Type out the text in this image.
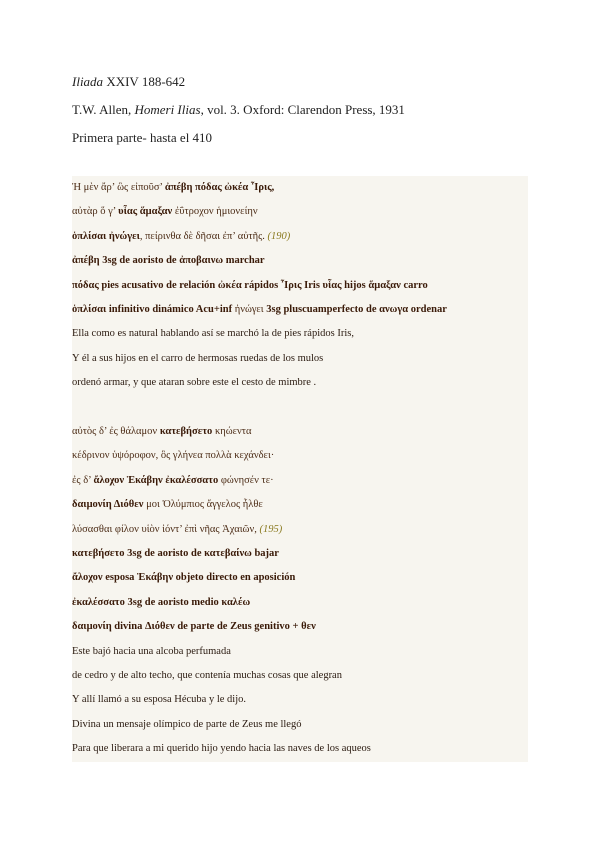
Iliada XXIV 188-642
T.W. Allen, Homeri Ilias, vol. 3. Oxford: Clarendon Press, 1931
Primera parte- hasta el 410
Ἠ μὲν ἄρ’ ὣς εἰποῦσ’ ἀπέβη πόδας ὠκέα Ἶρις,
αὐτὰρ ὅ γ’ υἷας ἅμαξαν ἐΰτροχον ἡμιονείην
ὁπλίσαι ἠνώγει, πείρινθα δὲ δῆσαι ἐπ’ αὐτῆς. (190)
ἀπέβη 3sg de aoristo de ἀποβαινω marchar
πόδας pies acusativo de relación ὠκέα rápidos Ἶρις Iris υἷας hijos ἅμαξαν carro
ὁπλίσαι infinitivo dinámico Acu+inf ἠνώγει 3sg pluscuamperfecto de ανωγα ordenar
Ella como es natural hablando así se marchó la de pies rápidos Iris,
Y él a sus hijos en el carro de hermosas ruedas de los mulos
ordenó armar, y que ataran sobre este el cesto de mimbre .
αὐτὸς δ’ ἐς θάλαμον κατεβήσετο κηώεντα
κέδρινον ὑψόροφον, ὃς γλήνεα πολλὰ κεχάνδει·
ἐς δ’ ἄλοχον Ἑκάβην ἐκαλέσσατο φώνησέν τε·
δαιμονίη Διόθεν μοι Ὀλύμπιος ἄγγελος ἦλθε
λύσασθαι φίλον υἱὸν ἰόντ’ ἐπὶ νῆας Ἀχαιῶν, (195)
κατεβήσετο 3sg de aoristo de κατεβαίνω bajar
ἄλοχον esposa Ἑκάβην objeto directo en aposición
ἐκαλέσσατο 3sg de aoristo medio καλέω
δαιμονίη divina Διόθεν de parte de Zeus genitivo + θεν
Este bajó hacia una alcoba perfumada
de cedro y de alto techo, que contenía muchas cosas que alegran
Y allí llamó a su esposa Hécuba y le dijo.
Divina un mensaje olímpico de parte de Zeus me llegó
Para que liberara a mi querido hijo yendo hacia las naves de los aqueos
